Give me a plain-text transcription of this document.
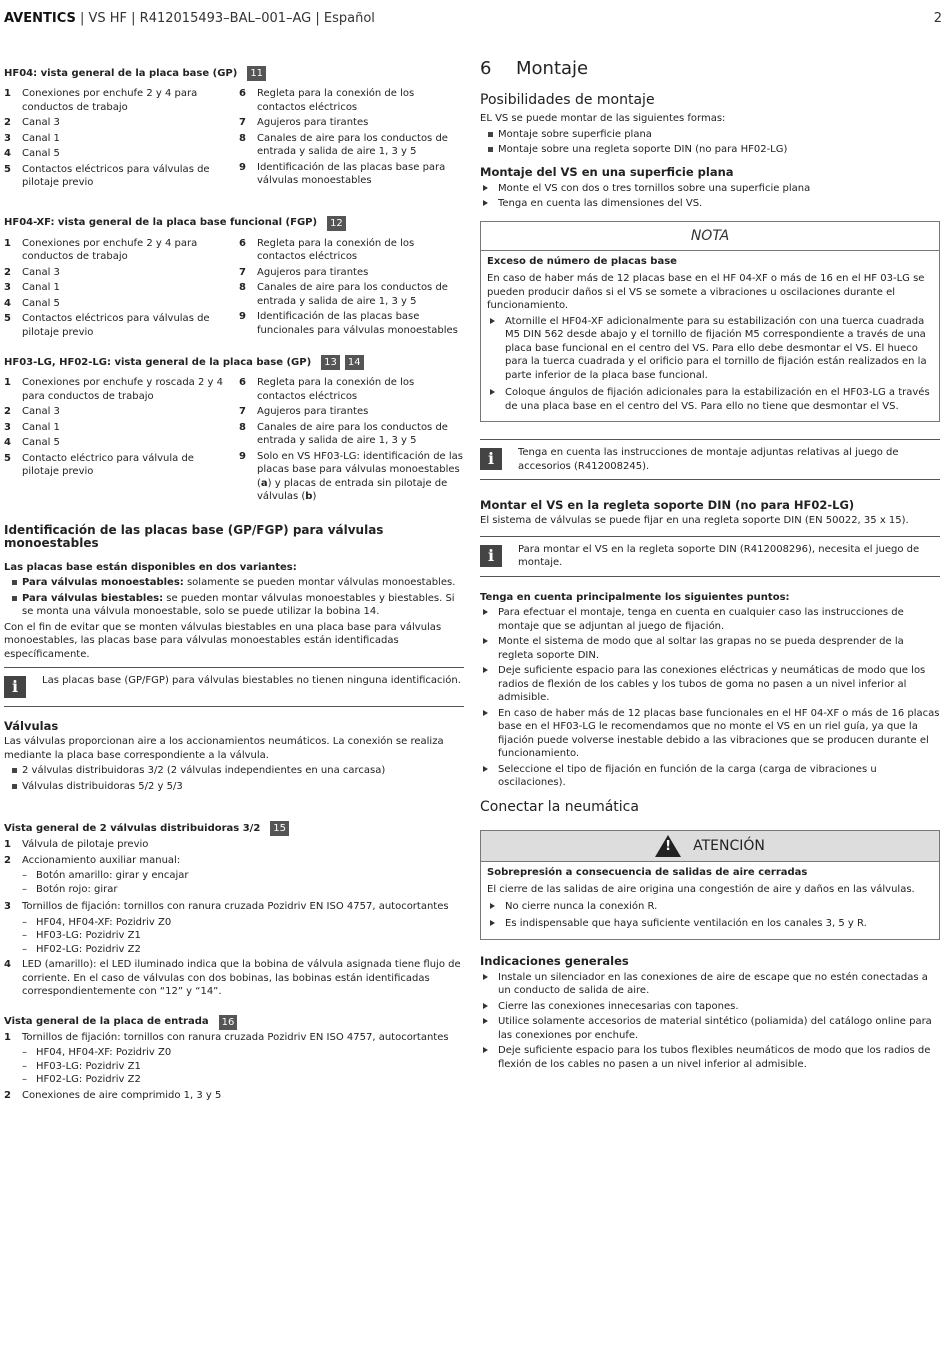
AVENTICS | VS HF | R412015493–BAL–001–AG | Español	2
HF04: vista general de la placa base (GP)	11
1	Conexiones por enchufe 2 y 4 para conductos de trabajo
2	Canal 3
3	Canal 1
4	Canal 5
5	Contactos eléctricos para válvulas de pilotaje previo
6	Regleta para la conexión de los contactos eléctricos
7	Agujeros para tirantes
8	Canales de aire para los conductos de entrada y salida de aire 1, 3 y 5
9	Identificación de las placas base para válvulas monoestables
HF04-XF: vista general de la placa base funcional (FGP)	12
1	Conexiones por enchufe 2 y 4 para conductos de trabajo
2	Canal 3
3	Canal 1
4	Canal 5
5	Contactos eléctricos para válvulas de pilotaje previo
6	Regleta para la conexión de los contactos eléctricos
7	Agujeros para tirantes
8	Canales de aire para los conductos de entrada y salida de aire 1, 3 y 5
9	Identificación de las placas base funcionales para válvulas monoestables
HF03-LG, HF02-LG: vista general de la placa base (GP)	13	14
1	Conexiones por enchufe y roscada 2 y 4 para conductos de trabajo
2	Canal 3
3	Canal 1
4	Canal 5
5	Contacto eléctrico para válvula de pilotaje previo
6	Regleta para la conexión de los contactos eléctricos
7	Agujeros para tirantes
8	Canales de aire para los conductos de entrada y salida de aire 1, 3 y 5
9	Solo en VS HF03-LG: identificación de las placas base para válvulas monoestables (a) y placas de entrada sin pilotaje de válvulas (b)
Identificación de las placas base (GP/FGP) para válvulas monoestables
Las placas base están disponibles en dos variantes:
Para válvulas monoestables: solamente se pueden montar válvulas monoestables.
Para válvulas biestables: se pueden montar válvulas monoestables y biestables. Si se monta una válvula monoestable, solo se puede utilizar la bobina 14.
Con el fin de evitar que se monten válvulas biestables en una placa base para válvulas monoestables, las placas base para válvulas monoestables están identificadas específicamente.
i	Las placas base (GP/FGP) para válvulas biestables no tienen ninguna identificación.
Válvulas
Las válvulas proporcionan aire a los accionamientos neumáticos. La conexión se realiza mediante la placa base correspondiente a la válvula.
2 válvulas distribuidoras 3/2 (2 válvulas independientes en una carcasa)
Válvulas distribuidoras 5/2 y 5/3
Vista general de 2 válvulas distribuidoras 3/2	15
1	Válvula de pilotaje previo
2	Accionamiento auxiliar manual:
– Botón amarillo: girar y encajar
– Botón rojo: girar
3	Tornillos de fijación: tornillos con ranura cruzada Pozidriv EN ISO 4757, autocortantes
– HF04, HF04-XF: Pozidriv Z0
– HF03-LG: Pozidriv Z1
– HF02-LG: Pozidriv Z2
4	LED (amarillo): el LED iluminado indica que la bobina de válvula asignada tiene flujo de corriente. En el caso de válvulas con dos bobinas, las bobinas están identificadas correspondientemente con “12” y “14”.
Vista general de la placa de entrada	16
1	Tornillos de fijación: tornillos con ranura cruzada Pozidriv EN ISO 4757, autocortantes
– HF04, HF04-XF: Pozidriv Z0
– HF03-LG: Pozidriv Z1
– HF02-LG: Pozidriv Z2
2	Conexiones de aire comprimido 1, 3 y 5
6 Montaje
Posibilidades de montaje
EL VS se puede montar de las siguientes formas:
Montaje sobre superficie plana
Montaje sobre una regleta soporte DIN (no para HF02-LG)
Montaje del VS en una superficie plana
Monte el VS con dos o tres tornillos sobre una superficie plana
Tenga en cuenta las dimensiones del VS.
NOTA
Exceso de número de placas base
En caso de haber más de 12 placas base en el HF 04-XF o más de 16 en el HF 03-LG se pueden producir daños si el VS se somete a vibraciones u oscilaciones durante el funcionamiento.
Atornille el HF04-XF adicionalmente para su estabilización con una tuerca cuadrada M5 DIN 562 desde abajo y el tornillo de fijación M5 correspondiente a través de una placa base funcional en el centro del VS. Para ello debe desmontar el VS. El hueco para la tuerca cuadrada y el orificio para el tornillo de fijación están realizados en la parte inferior de la placa base funcional.
Coloque ángulos de fijación adicionales para la estabilización en el HF03-LG a través de una placa base en el centro del VS. Para ello no tiene que desmontar el VS.
i	Tenga en cuenta las instrucciones de montaje adjuntas relativas al juego de accesorios (R412008245).
Montar el VS en la regleta soporte DIN (no para HF02-LG)
El sistema de válvulas se puede fijar en una regleta soporte DIN (EN 50022, 35 x 15).
i	Para montar el VS en la regleta soporte DIN (R412008296), necesita el juego de montaje.
Tenga en cuenta principalmente los siguientes puntos:
Para efectuar el montaje, tenga en cuenta en cualquier caso las instrucciones de montaje que se adjuntan al juego de fijación.
Monte el sistema de modo que al soltar las grapas no se pueda desprender de la regleta soporte DIN.
Deje suficiente espacio para las conexiones eléctricas y neumáticas de modo que los radios de flexión de los cables y los tubos de goma no pasen a un nivel inferior al admisible.
En caso de haber más de 12 placas base funcionales en el HF 04-XF o más de 16 placas base en el HF03-LG le recomendamos que no monte el VS en un riel guía, ya que la fijación puede volverse inestable debido a las vibraciones que se producen durante el funcionamiento.
Seleccione el tipo de fijación en función de la carga (carga de vibraciones u oscilaciones).
Conectar la neumática
! ATENCIÓN
Sobrepresión a consecuencia de salidas de aire cerradas
El cierre de las salidas de aire origina una congestión de aire y daños en las válvulas.
No cierre nunca la conexión R.
Es indispensable que haya suficiente ventilación en los canales 3, 5 y R.
Indicaciones generales
Instale un silenciador en las conexiones de aire de escape que no estén conectadas a un conducto de salida de aire.
Cierre las conexiones innecesarias con tapones.
Utilice solamente accesorios de material sintético (poliamida) del catálogo online para las conexiones por enchufe.
Deje suficiente espacio para los tubos flexibles neumáticos de modo que los radios de flexión de los cables no pasen a un nivel inferior al admisible.
